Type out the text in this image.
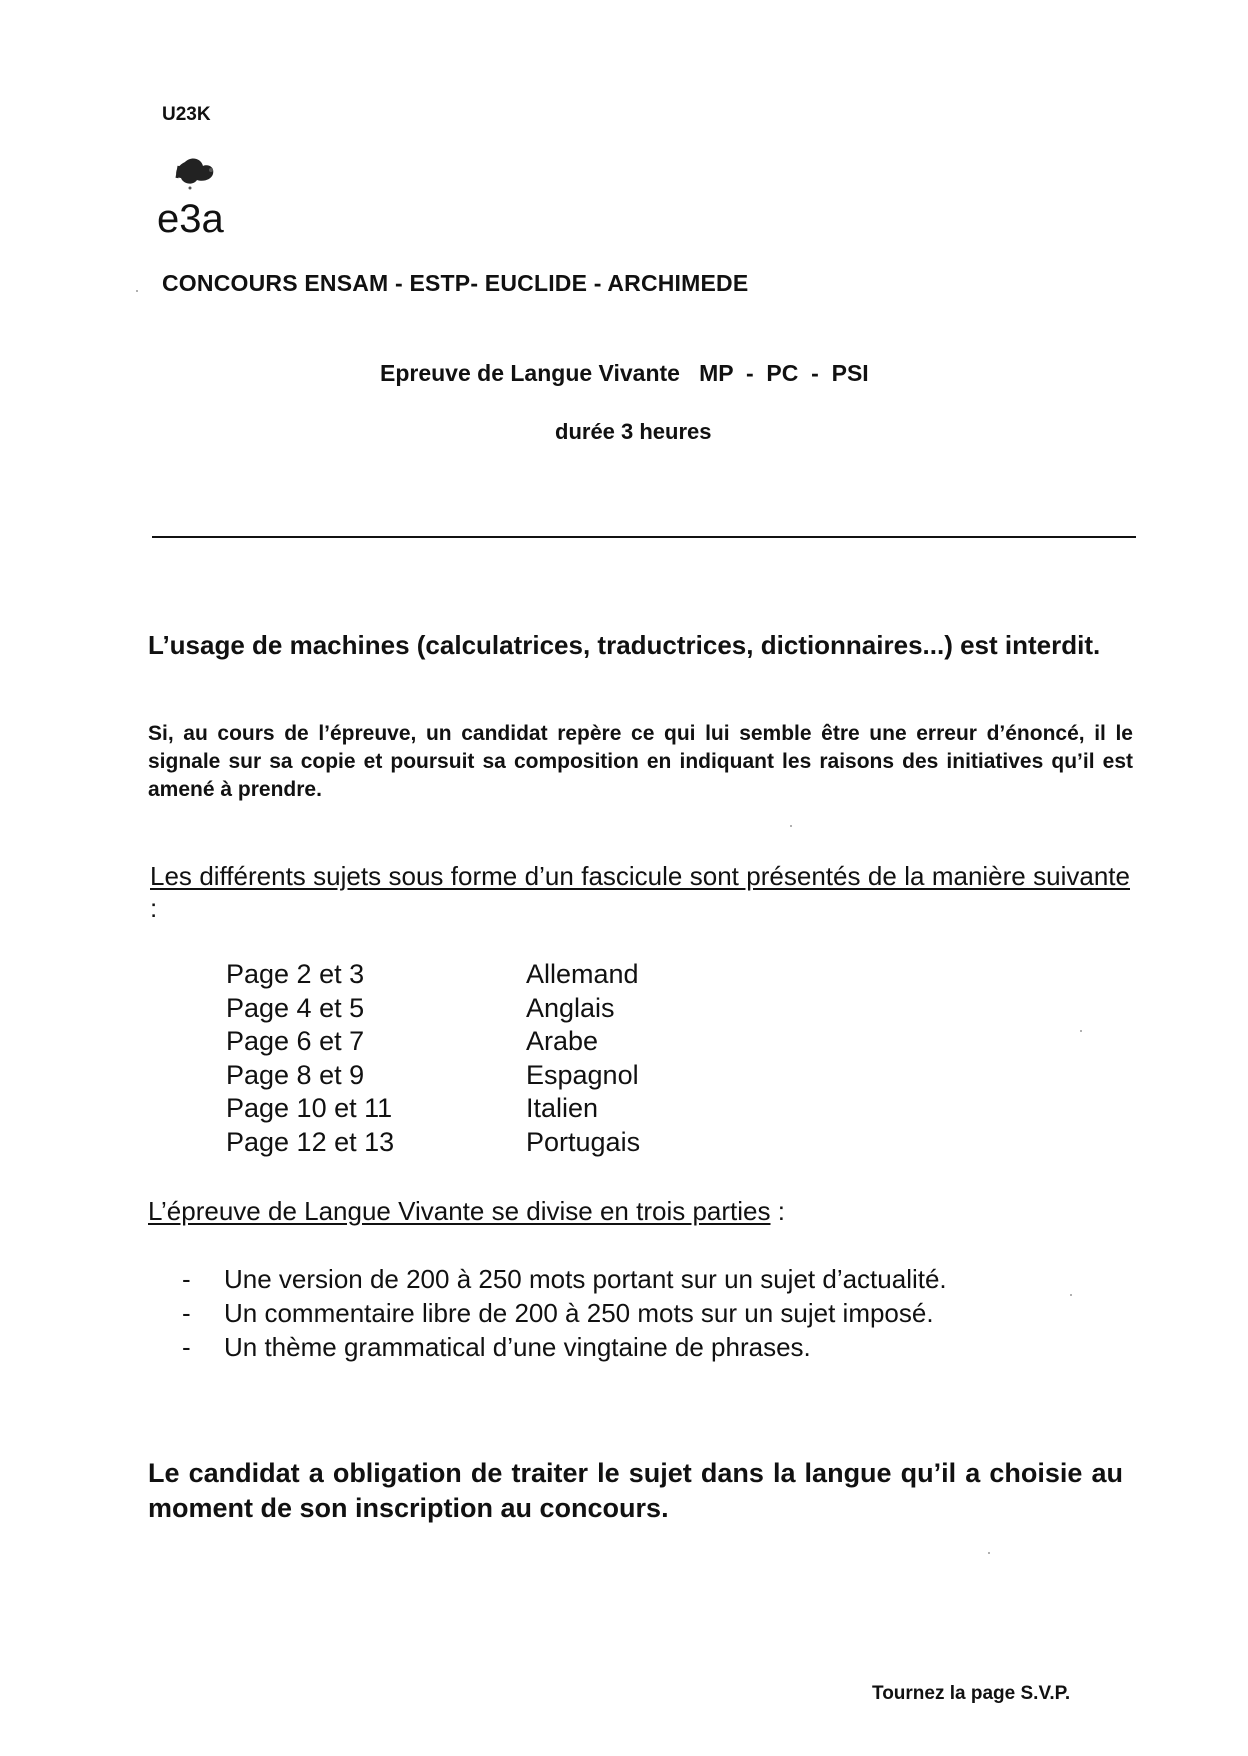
U23K
e3a
CONCOURS ENSAM - ESTP- EUCLIDE - ARCHIMEDE
Epreuve de Langue Vivante   MP  -  PC  -  PSI
durée 3 heures
L’usage de machines (calculatrices, traductrices, dictionnaires...) est interdit.
Si, au cours de l’épreuve, un candidat repère ce qui lui semble être une erreur d’énoncé, il le signale sur sa copie et poursuit sa composition en indiquant les raisons des initiatives qu’il est amené à prendre.
Les différents sujets sous forme d’un fascicule sont présentés de la manière suivante :
Page 2 et 3	Allemand
Page 4 et 5	Anglais
Page 6 et 7	Arabe
Page 8 et 9	Espagnol
Page 10 et 11	Italien
Page 12 et 13	Portugais
L’épreuve de Langue Vivante se divise en trois parties :
-	Une version de 200 à 250 mots portant sur un sujet d’actualité.
-	Un commentaire libre de 200 à 250 mots sur un sujet imposé.
-	Un thème grammatical d’une vingtaine de phrases.
Le candidat a obligation de traiter le sujet dans la langue qu’il a choisie au moment de son inscription au concours.
Tournez la page S.V.P.
